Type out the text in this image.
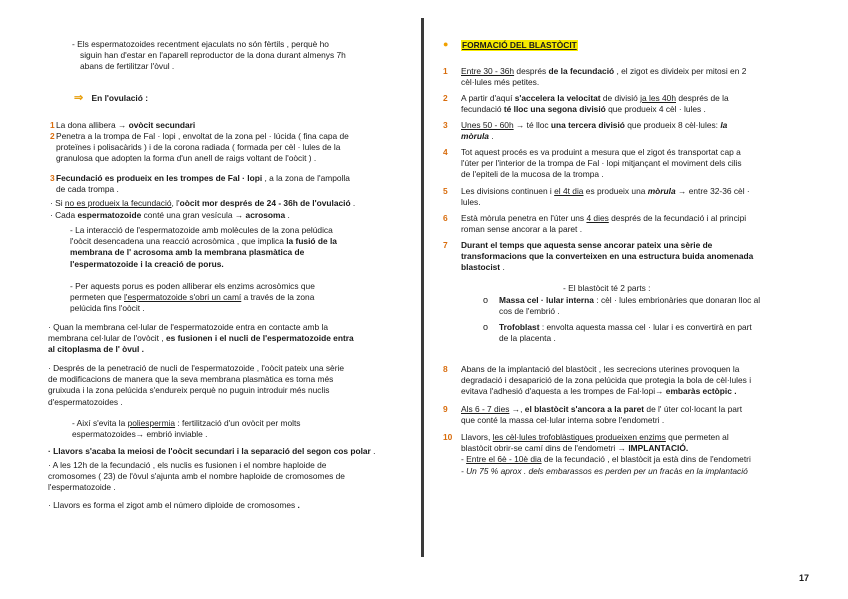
- Els espermatozoides recentment ejaculats no són fèrtils , perquè ho
siguin han d'estar en l'aparell reproductor de la dona durant almenys 7h
abans de fertilitzar l'òvul .
⇒ En l'ovulació :
1 La dona allibera → ovòcit secundari
2 Penetra a la trompa de Fal · lopi , envoltat de la zona pel · lúcida ( fina capa de
proteïnes i polisacàrids ) i de la corona radiada ( formada per cèl · lules de la
granulosa que adopten la forma d'un anell de raigs voltant de l'oòcit ) .
3 Fecundació es produeix en les trompes de Fal · lopi , a la zona de l'ampolla
de cada trompa .
· Si no es produeix la fecundació, l'oòcit mor després de 24 - 36h de l'ovulació .
· Cada espermatozoide conté una gran vesícula → acrosoma .
- La interacció de l'espermatozoide amb molècules de la zona pelúdica
l'oòcit desencadena una reacció acrosòmica , que implica la fusió de la
membrana de l' acrosoma amb la membrana plasmàtica de
l'espermatozoide i la creació de porus.
- Per aquests porus es poden alliberar els enzims acrosòmics que
permeten que l'espermatozoide s'obri un camí a través de la zona
pelúcida fins l'oòcit .
· Quan la membrana cel·lular de l'espermatozoide entra en contacte amb la
membrana cel·lular de l'ovòcit , es fusionen i el nucli de l'espermatozoide entra
al citoplasma de l' òvul .
· Després de la penetració de nucli de l'espermatozoide , l'oòcit pateix una sèrie
de modificacions de manera que la seva membrana plasmàtica es torna més
gruixuda i la zona pelúcida s'endureix perquè no puguin introduir més nuclis
d'espermatozoides .
- Així s'evita la poliespermia : fertilització d'un ovòcit per molts
espermatozoides→ embrió inviable .
· Llavors s'acaba la meiosi de l'oòcit secundari i la separació del segon cos polar .
· A les 12h de la fecundació , els nuclis es fusionen i el nombre haploide de
cromosomes ( 23) de l'òvul s'ajunta amb el nombre haploide de cromosomes de
l'espermatozoide .
· Llavors es forma el zigot amb el número diploide de cromosomes .
● FORMACIÓ DEL BLASTÒCIT
1 Entre 30 - 36h després de la fecundació , el zigot es divideix per mitosi en 2
cèl·lules més petites.
2 A partir d'aquí s'accelera la velocitat de divisió ja les 40h després de la
fecundació té lloc una segona divisió que produeix 4 cèl · lules .
3 Unes 50 - 60h → té lloc una tercera divisió que produeix 8 cèl·lules: la
mòrula .
4 Tot aquest procés es va produint a mesura que el zigot és transportat cap a
l'úter per l'interior de la trompa de Fal · lopi mitjançant el moviment dels cilis
de l'epiteli de la mucosa de la trompa .
5 Les divisions continuen i el 4t dia es produeix una mòrula → entre 32-36 cèl ·
lules.
6 Està mòrula penetra en l'úter uns 4 dies després de la fecundació i al principi
roman sense ancorar a la paret .
7 Durant el temps que aquesta sense ancorar pateix una sèrie de
transformacions que la converteixen en una estructura buida anomenada
blastocist .
- El blastòcit té 2 parts :
o Massa cel · lular interna : cèl · lules embrionàries que donaran lloc al
cos de l'embrió .
o Trofoblast : envolta aquesta massa cel · lular i es convertirà en part
de la placenta .
8 Abans de la implantació del blastòcit , les secrecions uterines provoquen la
degradació i desaparició de la zona pelúcida que protegia la bola de cèl·lules i
evitava l'adhesió d'aquesta a les trompes de Fal·lopi→ embaràs ectòpic .
9 Als 6 - 7 dies →, el blastòcit s'ancora a la paret de l' úter col·locant la part
que conté la massa cel·lular interna sobre l'endometri .
10 Llavors, les cèl·lules trofoblàstiques produeixen enzims que permeten al
blastòcit obrir-se camí dins de l'endometri → IMPLANTACIÓ.
- Entre el 6è - 10è dia de la fecundació , el blastòcit ja està dins de l'endometri
- Un 75 % aprox . dels embarassos es perden per un fracàs en la implantació
17
